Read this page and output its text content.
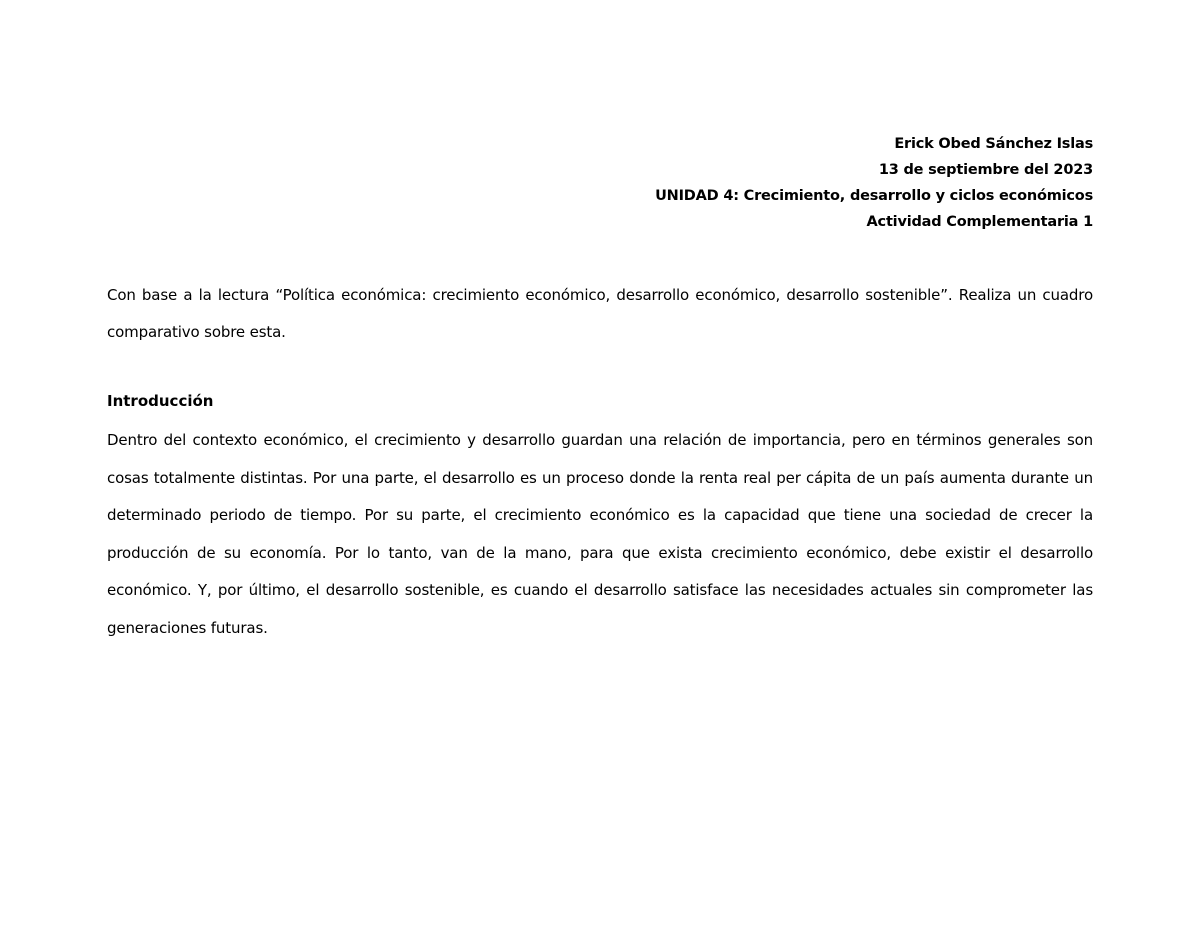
Erick Obed Sánchez Islas
13 de septiembre del 2023
UNIDAD 4: Crecimiento, desarrollo y ciclos económicos
Actividad Complementaria 1

Con base a la lectura “Política económica: crecimiento económico, desarrollo económico, desarrollo sostenible”. Realiza un cuadro comparativo sobre esta.

Introducción

Dentro del contexto económico, el crecimiento y desarrollo guardan una relación de importancia, pero en términos generales son cosas totalmente distintas. Por una parte, el desarrollo es un proceso donde la renta real per cápita de un país aumenta durante un determinado periodo de tiempo. Por su parte, el crecimiento económico es la capacidad que tiene una sociedad de crecer la producción de su economía. Por lo tanto, van de la mano, para que exista crecimiento económico, debe existir el desarrollo económico. Y, por último, el desarrollo sostenible, es cuando el desarrollo satisface las necesidades actuales sin comprometer las generaciones futuras.
